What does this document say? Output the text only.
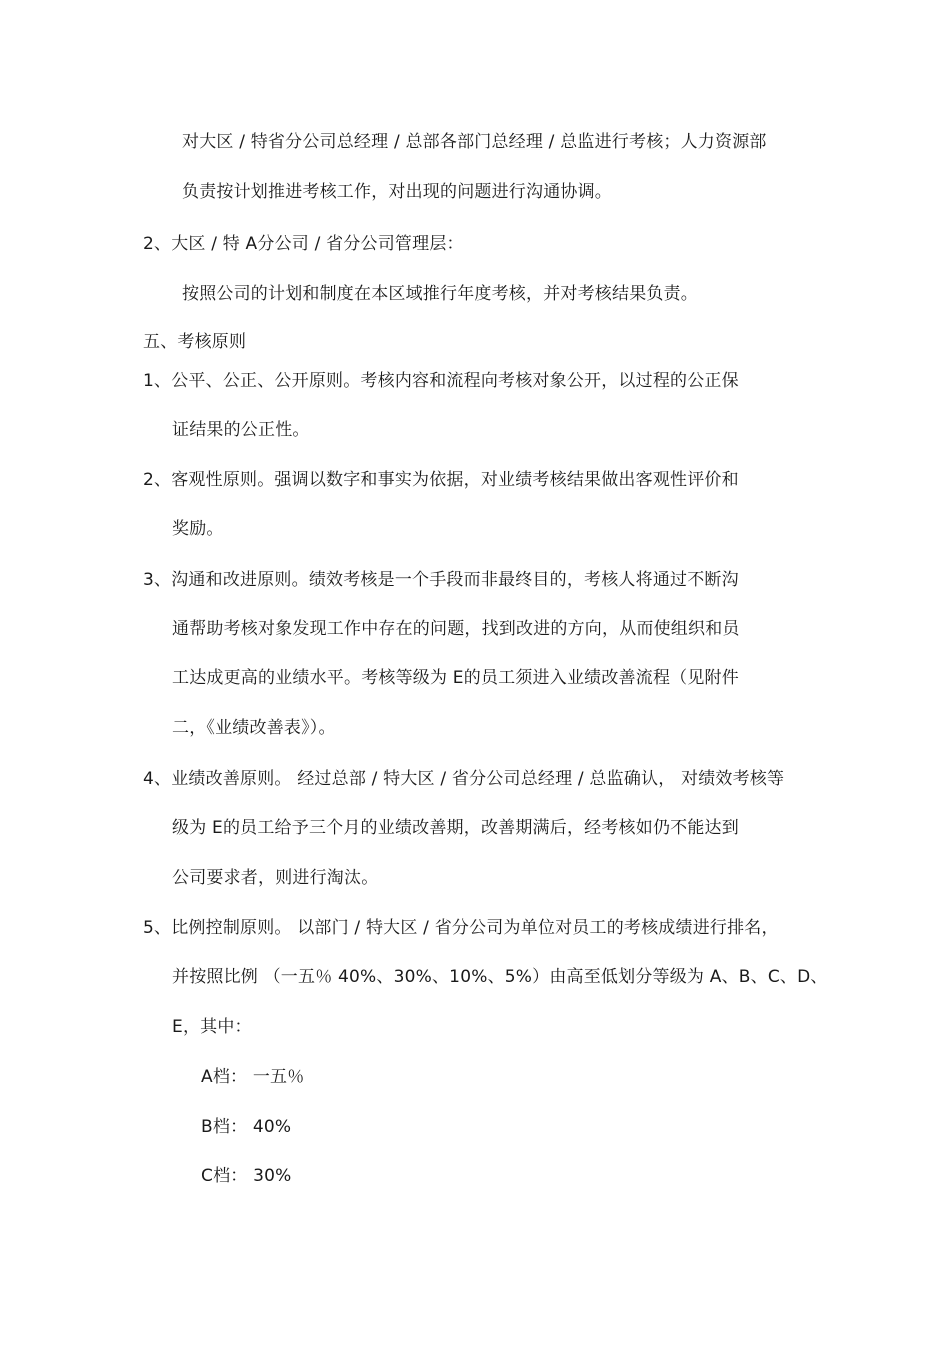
对大区 / 特省分公司总经理 / 总部各部门总经理 / 总监进行考核；人力资源部
负责按计划推进考核工作，对出现的问题进行沟通协调。
2、大区 / 特 A分公司 / 省分公司管理层：
按照公司的计划和制度在本区域推行年度考核，并对考核结果负责。
五、考核原则
1、公平、公正、公开原则。考核内容和流程向考核对象公开，以过程的公正保
证结果的公正性。
2、客观性原则。强调以数字和事实为依据，对业绩考核结果做出客观性评价和
奖励。
3、沟通和改进原则。绩效考核是一个手段而非最终目的，考核人将通过不断沟
通帮助考核对象发现工作中存在的问题，找到改进的方向，从而使组织和员
工达成更高的业绩水平。考核等级为 E的员工须进入业绩改善流程（见附件
二，《业绩改善表》）。
4、业绩改善原则。 经过总部 / 特大区 / 省分公司总经理 / 总监确认， 对绩效考核等
级为 E的员工给予三个月的业绩改善期，改善期满后，经考核如仍不能达到
公司要求者，则进行淘汰。
5、比例控制原则。 以部门 / 特大区 / 省分公司为单位对员工的考核成绩进行排名，
并按照比例 （一五％ 40%、30%、10%、5%）由高至低划分等级为 A、B、C、D、
E，其中：
A档： 一五％
B档： 40%
C档： 30%
